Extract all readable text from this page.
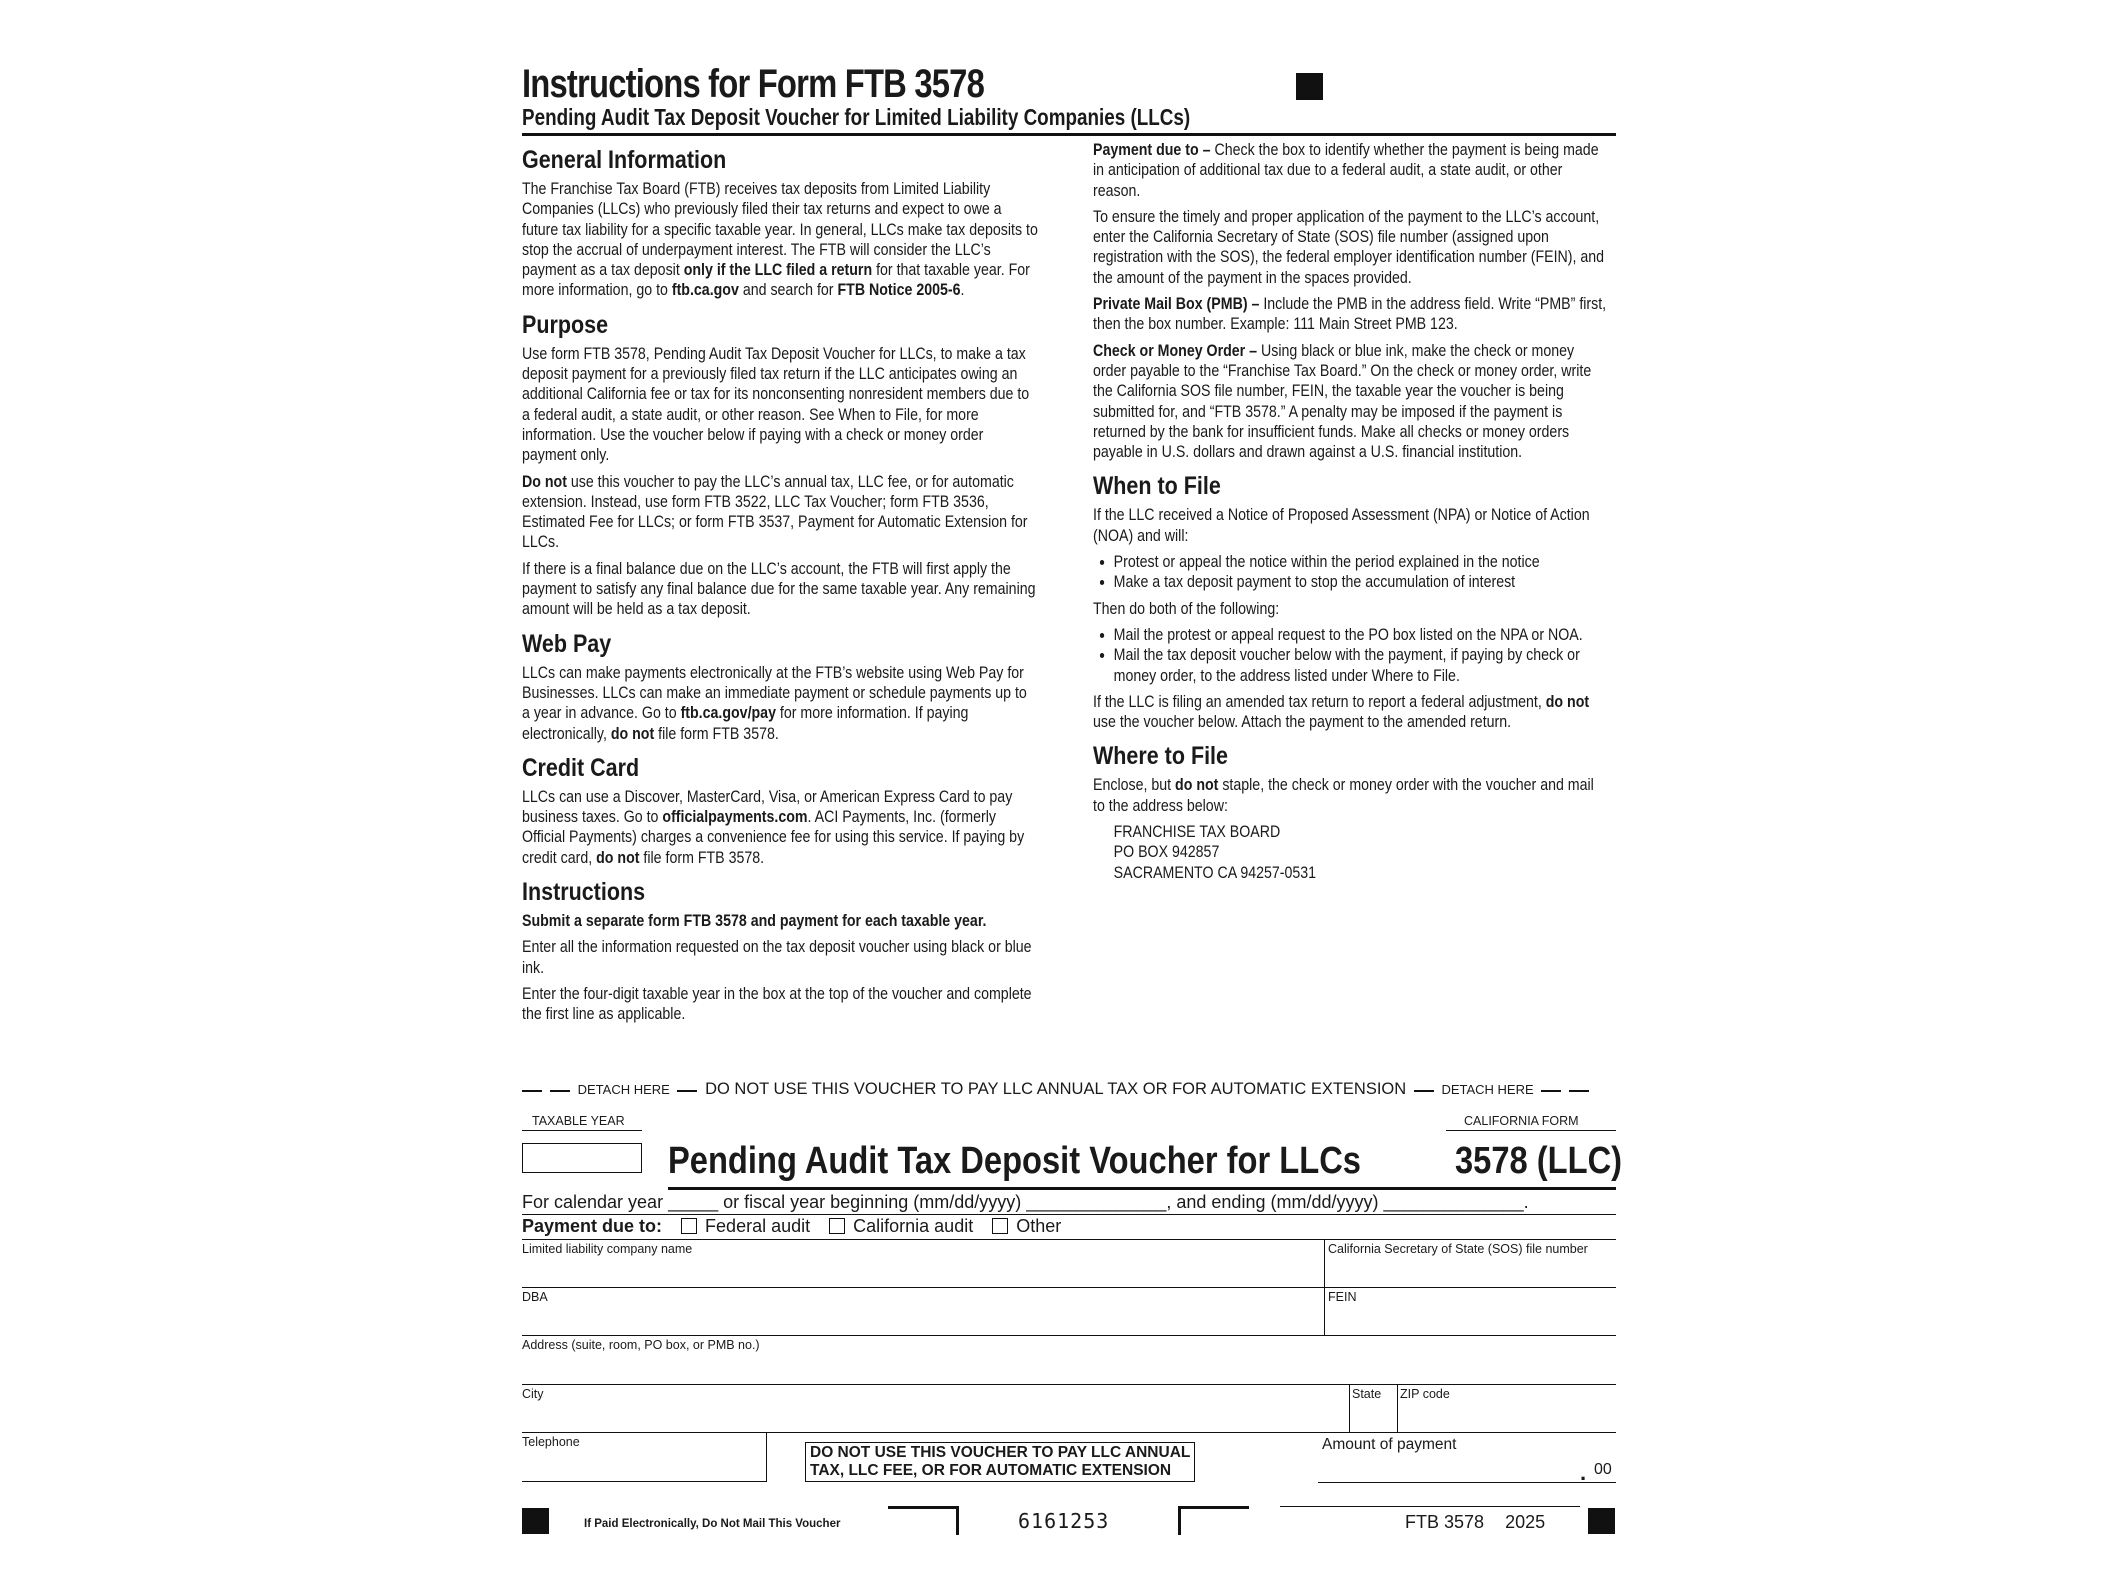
Instructions for Form FTB 3578
Pending Audit Tax Deposit Voucher for Limited Liability Companies (LLCs)
General Information

The Franchise Tax Board (FTB) receives tax deposits from Limited Liability Companies (LLCs) who previously filed their tax returns and expect to owe a future tax liability for a specific taxable year. In general, LLCs make tax deposits to stop the accrual of underpayment interest. The FTB will consider the LLC’s payment as a tax deposit only if the LLC filed a return for that taxable year. For more information, go to ftb.ca.gov and search for FTB Notice 2005-6.

Purpose

Use form FTB 3578, Pending Audit Tax Deposit Voucher for LLCs, to make a tax deposit payment for a previously filed tax return if the LLC anticipates owing an additional California fee or tax for its nonconsenting nonresident members due to a federal audit, a state audit, or other reason. See When to File, for more information. Use the voucher below if paying with a check or money order payment only.

Do not use this voucher to pay the LLC’s annual tax, LLC fee, or for automatic extension. Instead, use form FTB 3522, LLC Tax Voucher; form FTB 3536, Estimated Fee for LLCs; or form FTB 3537, Payment for Automatic Extension for LLCs.

If there is a final balance due on the LLC’s account, the FTB will first apply the payment to satisfy any final balance due for the same taxable year. Any remaining amount will be held as a tax deposit.

Web Pay

LLCs can make payments electronically at the FTB’s website using Web Pay for Businesses. LLCs can make an immediate payment or schedule payments up to a year in advance. Go to ftb.ca.gov/pay for more information. If paying electronically, do not file form FTB 3578.

Credit Card

LLCs can use a Discover, MasterCard, Visa, or American Express Card to pay business taxes. Go to officialpayments.com. ACI Payments, Inc. (formerly Official Payments) charges a convenience fee for using this service. If paying by credit card, do not file form FTB 3578.

Instructions

Submit a separate form FTB 3578 and payment for each taxable year.

Enter all the information requested on the tax deposit voucher using black or blue ink.

Enter the four-digit taxable year in the box at the top of the voucher and complete the first line as applicable.

Payment due to – Check the box to identify whether the payment is being made in anticipation of additional tax due to a federal audit, a state audit, or other reason.

To ensure the timely and proper application of the payment to the LLC’s account, enter the California Secretary of State (SOS) file number (assigned upon registration with the SOS), the federal employer identification number (FEIN), and the amount of the payment in the spaces provided.

Private Mail Box (PMB) – Include the PMB in the address field. Write “PMB” first, then the box number. Example: 111 Main Street PMB 123.

Check or Money Order – Using black or blue ink, make the check or money order payable to the “Franchise Tax Board.” On the check or money order, write the California SOS file number, FEIN, the taxable year the voucher is being submitted for, and “FTB 3578.” A penalty may be imposed if the payment is returned by the bank for insufficient funds. Make all checks or money orders payable in U.S. dollars and drawn against a U.S. financial institution.

When to File

If the LLC received a Notice of Proposed Assessment (NPA) or Notice of Action (NOA) and will:

• Protest or appeal the notice within the period explained in the notice
• Make a tax deposit payment to stop the accumulation of interest

Then do both of the following:

• Mail the protest or appeal request to the PO box listed on the NPA or NOA.
• Mail the tax deposit voucher below with the payment, if paying by check or money order, to the address listed under Where to File.

If the LLC is filing an amended tax return to report a federal adjustment, do not use the voucher below. Attach the payment to the amended return.

Where to File

Enclose, but do not staple, the check or money order with the voucher and mail to the address below:

FRANCHISE TAX BOARD
PO BOX 942857
SACRAMENTO CA 94257-0531
DETACH HERE DO NOT USE THIS VOUCHER TO PAY LLC ANNUAL TAX OR FOR AUTOMATIC EXTENSION	DETACH HERE
TAXABLE YEAR
Pending Audit Tax Deposit Voucher for LLCs
CALIFORNIA FORM
3578 (LLC)
For calendar year _____ or fiscal year beginning (mm/dd/yyyy) ______________, and ending (mm/dd/yyyy) ______________.
Payment due to: Federal audit California audit Other
Limited liability company name	California Secretary of State (SOS) file number
DBA	FEIN
Address (suite, room, PO box, or PMB no.)
City	State ZIP code
Telephone
DO NOT USE THIS VOUCHER TO PAY LLC ANNUAL
TAX, LLC FEE, OR FOR AUTOMATIC EXTENSION
Amount of payment
. 00
If Paid Electronically, Do Not Mail This Voucher	6161253	FTB 3578 2025
